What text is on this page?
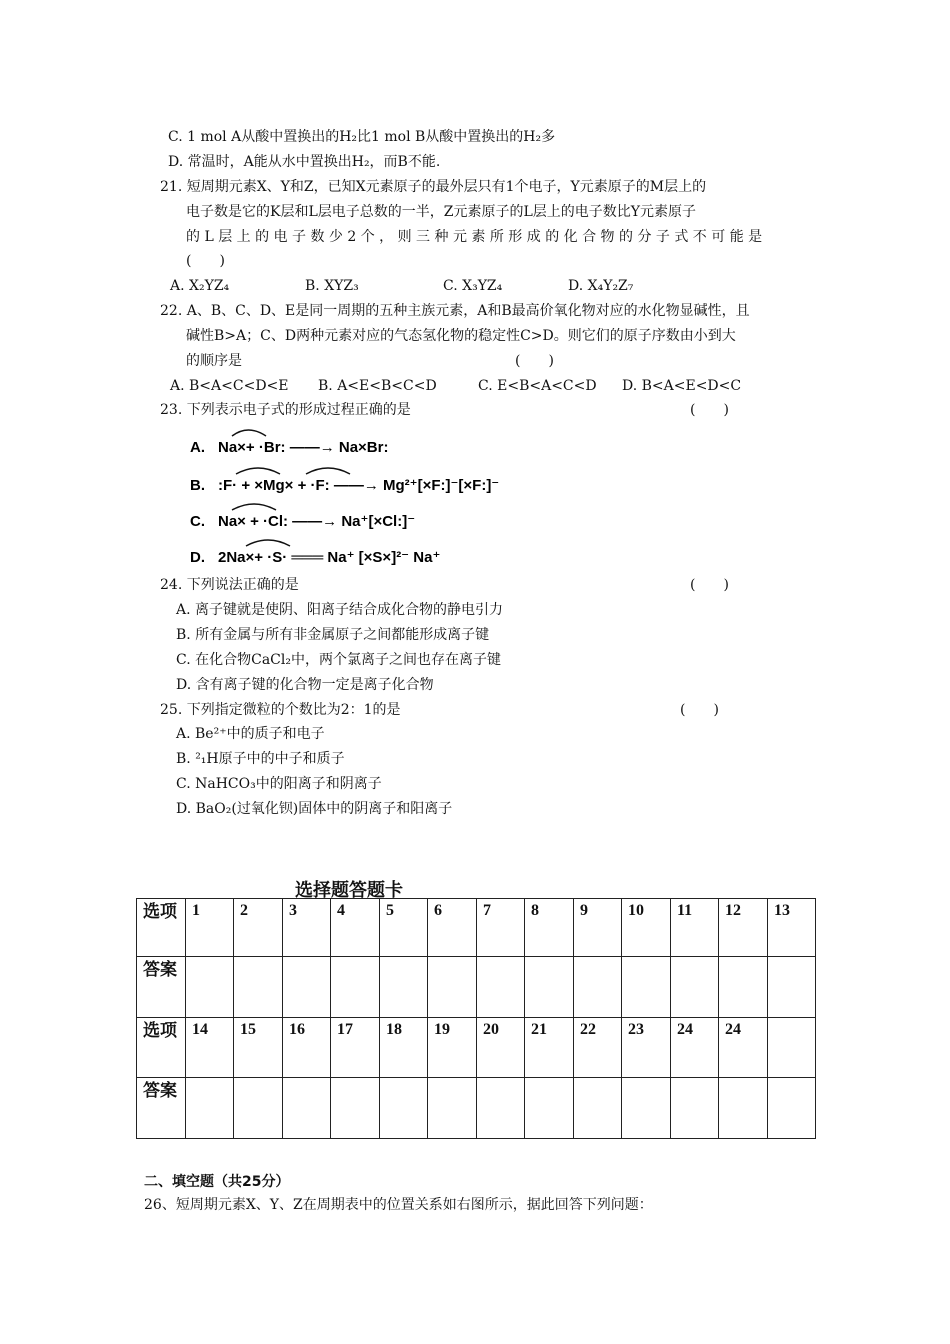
C. 1 mol A从酸中置换出的H₂比1 mol B从酸中置换出的H₂多
D. 常温时，A能从水中置换出H₂，而B不能.
21. 短周期元素X、Y和Z，已知X元素原子的最外层只有1个电子，Y元素原子的M层上的
电子数是它的K层和L层电子总数的一半，Z元素原子的L层上的电子数比Y元素原子
的 L 层 上 的 电 子 数 少 2 个 ， 则 三 种 元 素 所 形 成 的 化 合 物 的 分 子 式 不 可 能 是
(　　)
A. X₂YZ₄	B. XYZ₃	C. X₃YZ₄	D. X₄Y₂Z₇
22. A、B、C、D、E是同一周期的五种主族元素，A和B最高价氧化物对应的水化物显碱性，且
碱性B>A；C、D两种元素对应的气态氢化物的稳定性C>D。则它们的原子序数由小到大
的顺序是	(　　)
A. B<A<C<D<E B. A<E<B<C<D	C. E<B<A<C<D D. B<A<E<D<C
23. 下列表示电子式的形成过程正确的是	(　　)
A. Na×+ ·Br: ——→ Na×Br:
B. :F· + ×Mg× + ·F: ——→ Mg²⁺[×F:]⁻[×F:]⁻
C. Na× + ·Cl: ——→ Na⁺[×Cl:]⁻
D. 2Na×+ ·S· ═══ Na⁺ [×S×]²⁻ Na⁺
24. 下列说法正确的是	(　　)
A. 离子键就是使阴、阳离子结合成化合物的静电引力
B. 所有金属与所有非金属原子之间都能形成离子键
C. 在化合物CaCl₂中，两个氯离子之间也存在离子键
D. 含有离子键的化合物一定是离子化合物
25. 下列指定微粒的个数比为2：1的是	(　　)
A. Be²⁺中的质子和电子
B. ²₁H原子中的中子和质子
C. NaHCO₃中的阳离子和阴离子
D. BaO₂(过氧化钡)固体中的阴离子和阳离子
选择题答题卡
选项	1	2	3	4	5	6	7	8	9	10	11	12	13
答案													
选项	14	15	16	17	18	19	20	21	22	23	24	24	
答案													
二、填空题（共25分）
26、短周期元素X、Y、Z在周期表中的位置关系如右图所示，据此回答下列问题：
